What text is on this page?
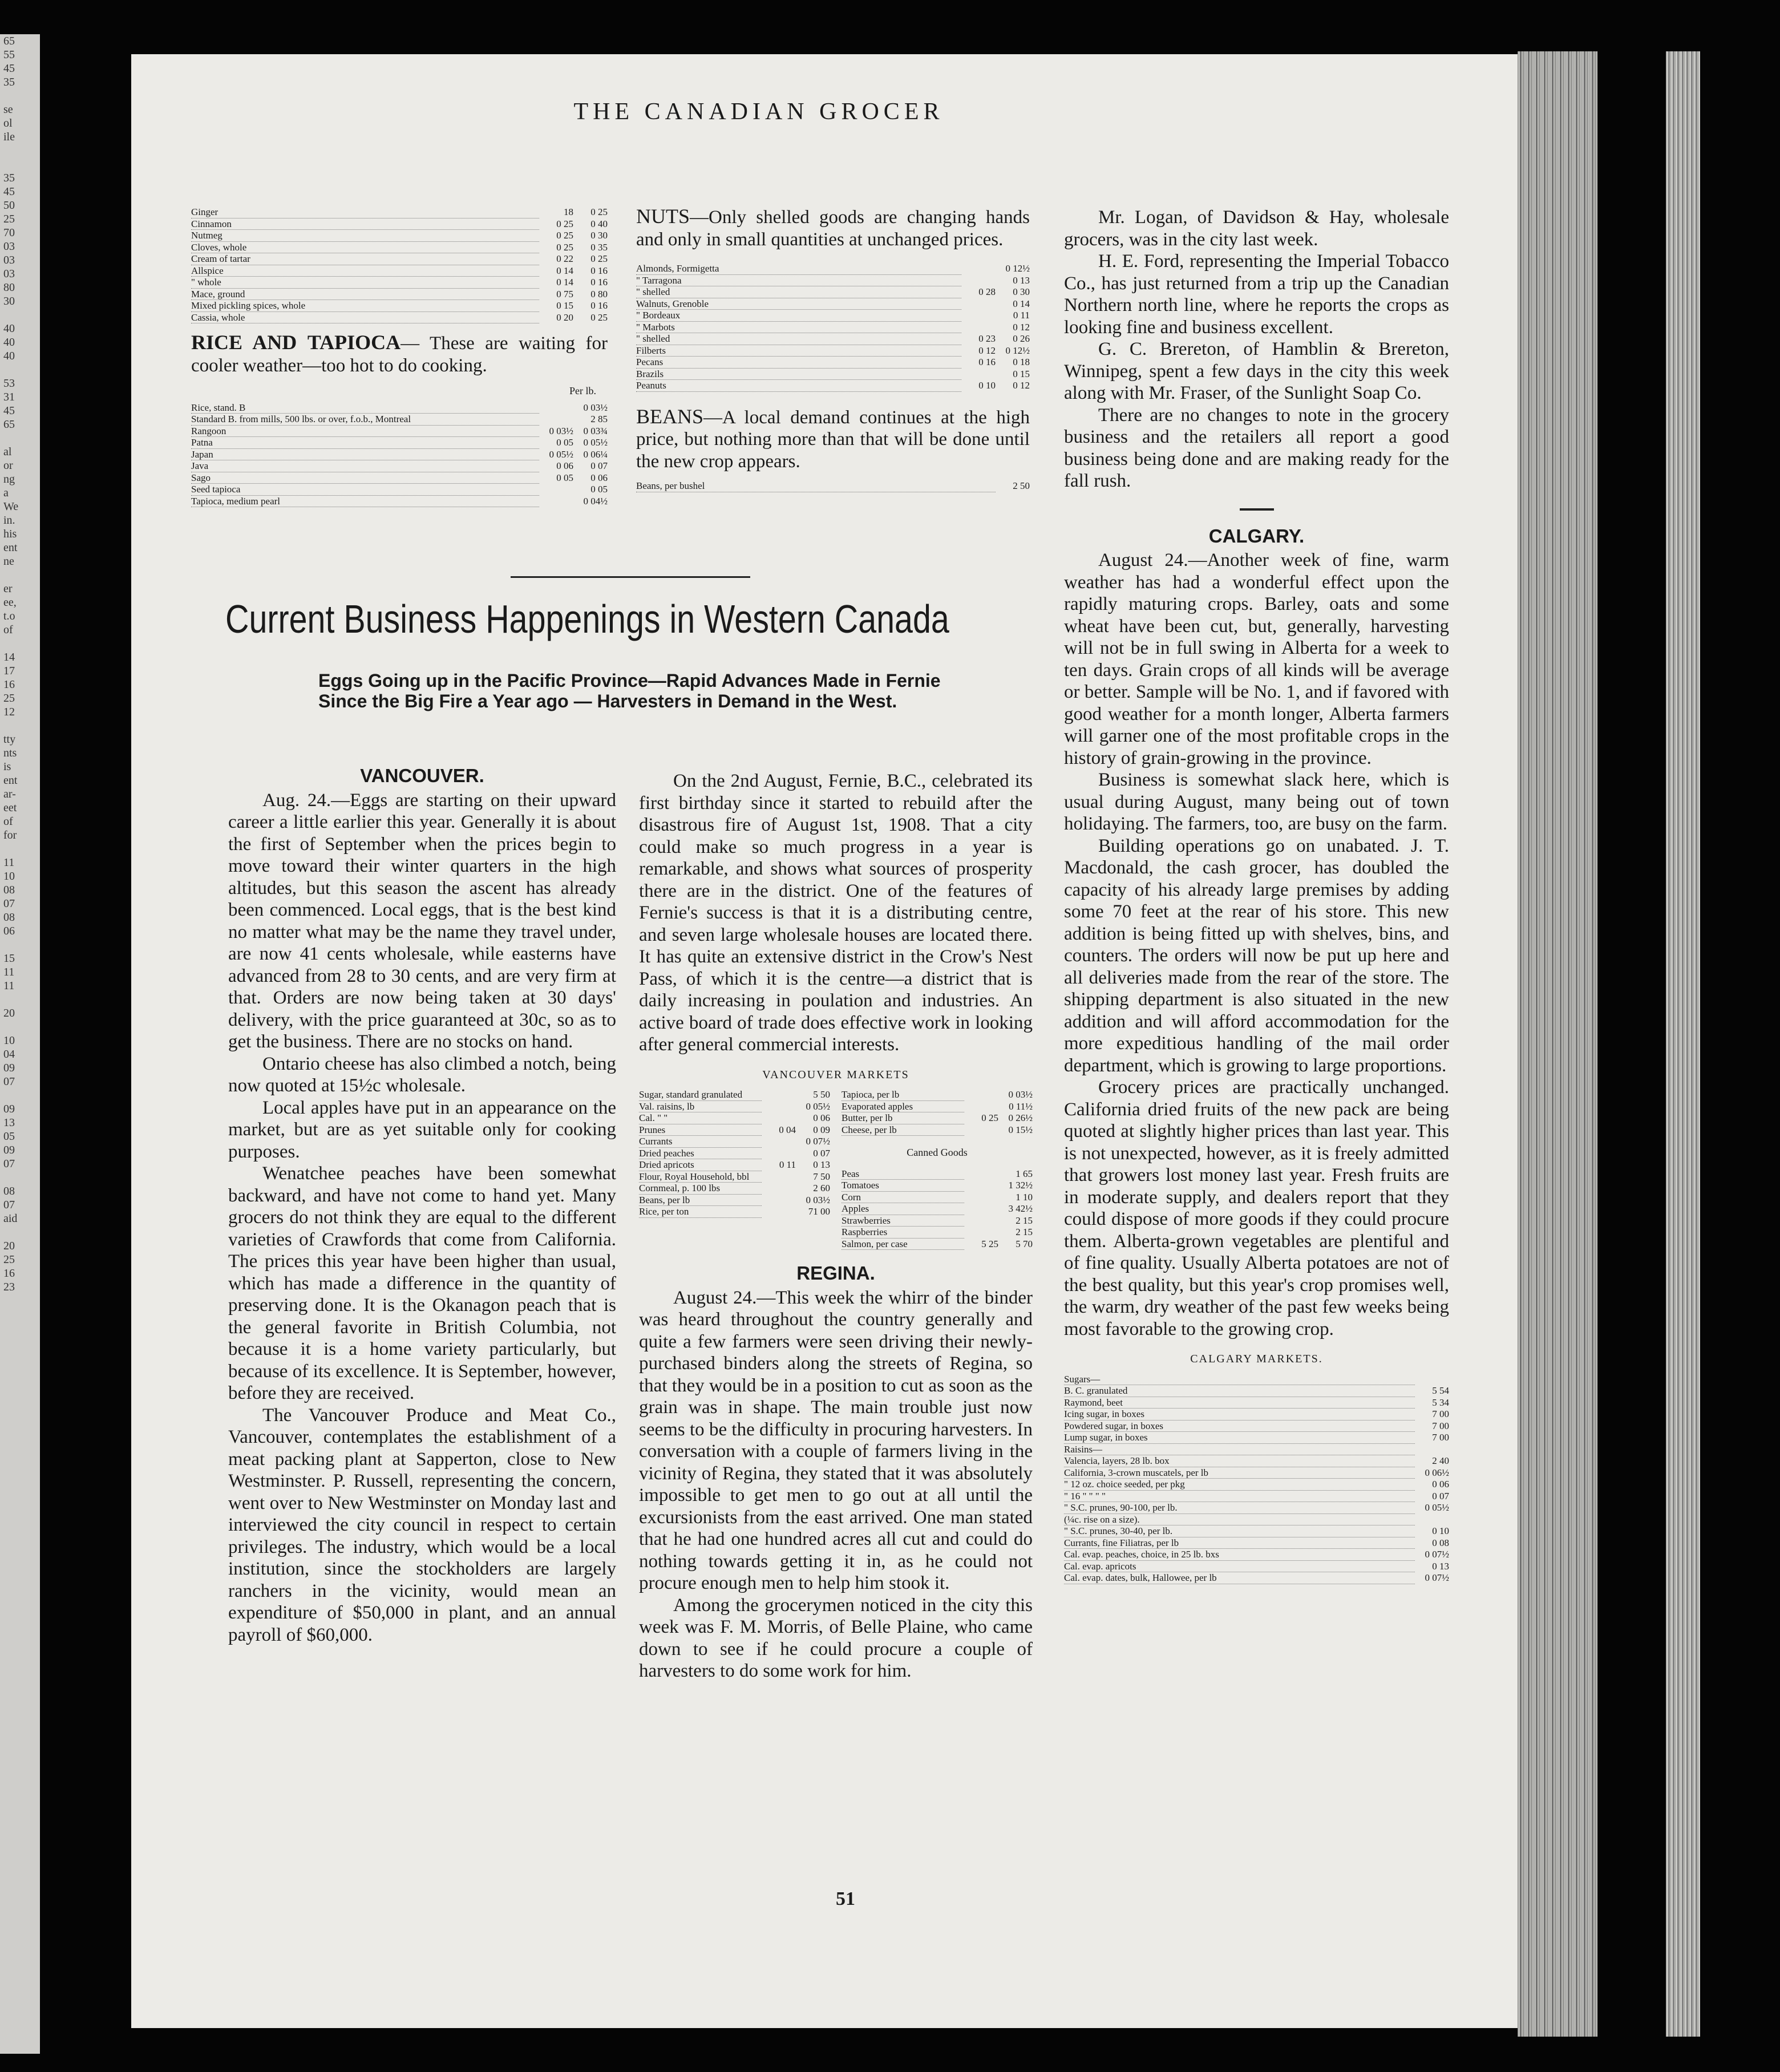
65
55
45
35
se
ol
ile
35
45
50
25
70
03
03
03
80
30
40
40
40
53
31
45
65
al
or
ng
a
We
in.
his
ent
ne
er
ee,
t.o
of
14
17
16
25
12
tty
nts
is
ent
ar-
eet
of
for
11
10
08
07
08
06
15
11
11
20
10
04
09
07
09
13
05
09
07
08
07
aid
20
25
16
23
THE CANADIAN GROCER
Ginger	18	0 25
Cinnamon	0 25	0 40
Nutmeg	0 25	0 30
Cloves, whole	0 25	0 35
Cream of tartar	0 22	0 25
Allspice	0 14	0 16
" whole	0 14	0 16
Mace, ground	0 75	0 80
Mixed pickling spices, whole	0 15	0 16
Cassia, whole	0 20	0 25
RICE AND TAPIOCA— These are waiting for cooler weather—too hot to do cooking.
Per lb.
Rice, stand. B		0 03½
Standard B. from mills, 500 lbs. or over, f.o.b., Montreal		2 85
Rangoon	0 03½	0 03¾
Patna	0 05	0 05½
Japan	0 05½	0 06¼
Java	0 06	0 07
Sago	0 05	0 06
Seed tapioca		0 05
Tapioca, medium pearl		0 04½
NUTS—Only shelled goods are changing hands and only in small quantities at unchanged prices.
Almonds, Formigetta		0 12½
" Tarragona		0 13
" shelled	0 28	0 30
Walnuts, Grenoble		0 14
" Bordeaux		0 11
" Marbots		0 12
" shelled	0 23	0 26
Filberts	0 12	0 12½
Pecans	0 16	0 18
Brazils		0 15
Peanuts	0 10	0 12
BEANS—A local demand continues at the high price, but nothing more than that will be done until the new crop appears.
Beans, per bushel	2 50

Mr. Logan, of Davidson & Hay, wholesale grocers, was in the city last week.

H. E. Ford, representing the Imperial Tobacco Co., has just returned from a trip up the Canadian Northern north line, where he reports the crops as looking fine and business excellent.

G. C. Brereton, of Hamblin & Brereton, Winnipeg, spent a few days in the city this week along with Mr. Fraser, of the Sunlight Soap Co.

There are no changes to note in the grocery business and the retailers all report a good business being done and are making ready for the fall rush.

CALGARY.

August 24.—Another week of fine, warm weather has had a wonderful effect upon the rapidly maturing crops. Barley, oats and some wheat have been cut, but, generally, harvesting will not be in full swing in Alberta for a week to ten days. Grain crops of all kinds will be average or better. Sample will be No. 1, and if favored with good weather for a month longer, Alberta farmers will garner one of the most profitable crops in the history of grain-growing in the province.

Business is somewhat slack here, which is usual during August, many being out of town holidaying. The farmers, too, are busy on the farm.

Building operations go on unabated. J. T. Macdonald, the cash grocer, has doubled the capacity of his already large premises by adding some 70 feet at the rear of his store. This new addition is being fitted up with shelves, bins, and counters. The orders will now be put up here and all deliveries made from the rear of the store. The shipping department is also situated in the new addition and will afford accommodation for the more expeditious handling of the mail order department, which is growing to large proportions.

Grocery prices are practically unchanged. California dried fruits of the new pack are being quoted at slightly higher prices than last year. This is not unexpected, however, as it is freely admitted that growers lost money last year. Fresh fruits are in moderate supply, and dealers report that they could dispose of more goods if they could procure them. Alberta-grown vegetables are plentiful and of fine quality. Usually Alberta potatoes are not of the best quality, but this year's crop promises well, the warm, dry weather of the past few weeks being most favorable to the growing crop.

CALGARY MARKETS.
Sugars—	
B. C. granulated	5 54
Raymond, beet	5 34
Icing sugar, in boxes	7 00
Powdered sugar, in boxes	7 00
Lump sugar, in boxes	7 00
Raisins—	
Valencia, layers, 28 lb. box	2 40
California, 3-crown muscatels, per lb	0 06½
" 12 oz. choice seeded, per pkg	0 06
" 16 " " " "	0 07
" S.C. prunes, 90-100, per lb.	0 05½
(¼c. rise on a size).	
" S.C. prunes, 30-40, per lb.	0 10
Currants, fine Filiatras, per lb	0 08
Cal. evap. peaches, choice, in 25 lb. bxs	0 07½
Cal. evap. apricots	0 13
Cal. evap. dates, bulk, Hallowee, per lb	0 07½
Current Business Happenings in Western Canada
Eggs Going up in the Pacific Province—Rapid Advances Made in Fernie Since the Big Fire a Year ago — Harvesters in Demand in the West.
VANCOUVER.

Aug. 24.—Eggs are starting on their upward career a little earlier this year. Generally it is about the first of September when the prices begin to move toward their winter quarters in the high altitudes, but this season the ascent has already been commenced. Local eggs, that is the best kind no matter what may be the name they travel under, are now 41 cents wholesale, while easterns have advanced from 28 to 30 cents, and are very firm at that. Orders are now being taken at 30 days' delivery, with the price guaranteed at 30c, so as to get the business. There are no stocks on hand.

Ontario cheese has also climbed a notch, being now quoted at 15½c wholesale.

Local apples have put in an appearance on the market, but are as yet suitable only for cooking purposes.

Wenatchee peaches have been somewhat backward, and have not come to hand yet. Many grocers do not think they are equal to the different varieties of Crawfords that come from California. The prices this year have been higher than usual, which has made a difference in the quantity of preserving done. It is the Okanagon peach that is the general favorite in British Columbia, not because it is a home variety particularly, but because of its excellence. It is September, however, before they are received.

The Vancouver Produce and Meat Co., Vancouver, contemplates the establishment of a meat packing plant at Sapperton, close to New Westminster. P. Russell, representing the concern, went over to New Westminster on Monday last and interviewed the city council in respect to certain privileges. The industry, which would be a local institution, since the stockholders are largely ranchers in the vicinity, would mean an expenditure of $50,000 in plant, and an annual payroll of $60,000.

On the 2nd August, Fernie, B.C., celebrated its first birthday since it started to rebuild after the disastrous fire of August 1st, 1908. That a city could make so much progress in a year is remarkable, and shows what sources of prosperity there are in the district. One of the features of Fernie's success is that it is a distributing centre, and seven large wholesale houses are located there. It has quite an extensive district in the Crow's Nest Pass, of which it is the centre—a district that is daily increasing in poulation and industries. An active board of trade does effective work in looking after general commercial interests.

VANCOUVER MARKETS
Sugar, standard granulated		5 50
Val. raisins, lb		0 05½
Cal. " "		0 06
Prunes	0 04	0 09
Currants		0 07½
Dried peaches		0 07
Dried apricots	0 11	0 13
Flour, Royal Household, bbl		7 50
Cornmeal, p. 100 lbs		2 60
Beans, per lb		0 03½
Rice, per ton		71 00
Tapioca, per lb		0 03½
Evaporated apples		0 11½
Butter, per lb	0 25	0 26½
Cheese, per lb		0 15½
Canned Goods
Peas		1 65
Tomatoes		1 32½
Corn		1 10
Apples		3 42½
Strawberries		2 15
Raspberries		2 15
Salmon, per case	5 25	5 70
REGINA.

August 24.—This week the whirr of the binder was heard throughout the country generally and quite a few farmers were seen driving their newly-purchased binders along the streets of Regina, so that they would be in a position to cut as soon as the grain was in shape. The main trouble just now seems to be the difficulty in procuring harvesters. In conversation with a couple of farmers living in the vicinity of Regina, they stated that it was absolutely impossible to get men to go out at all until the excursionists from the east arrived. One man stated that he had one hundred acres all cut and could do nothing towards getting it in, as he could not procure enough men to help him stook it.

Among the grocerymen noticed in the city this week was F. M. Morris, of Belle Plaine, who came down to see if he could procure a couple of harvesters to do some work for him.

51
